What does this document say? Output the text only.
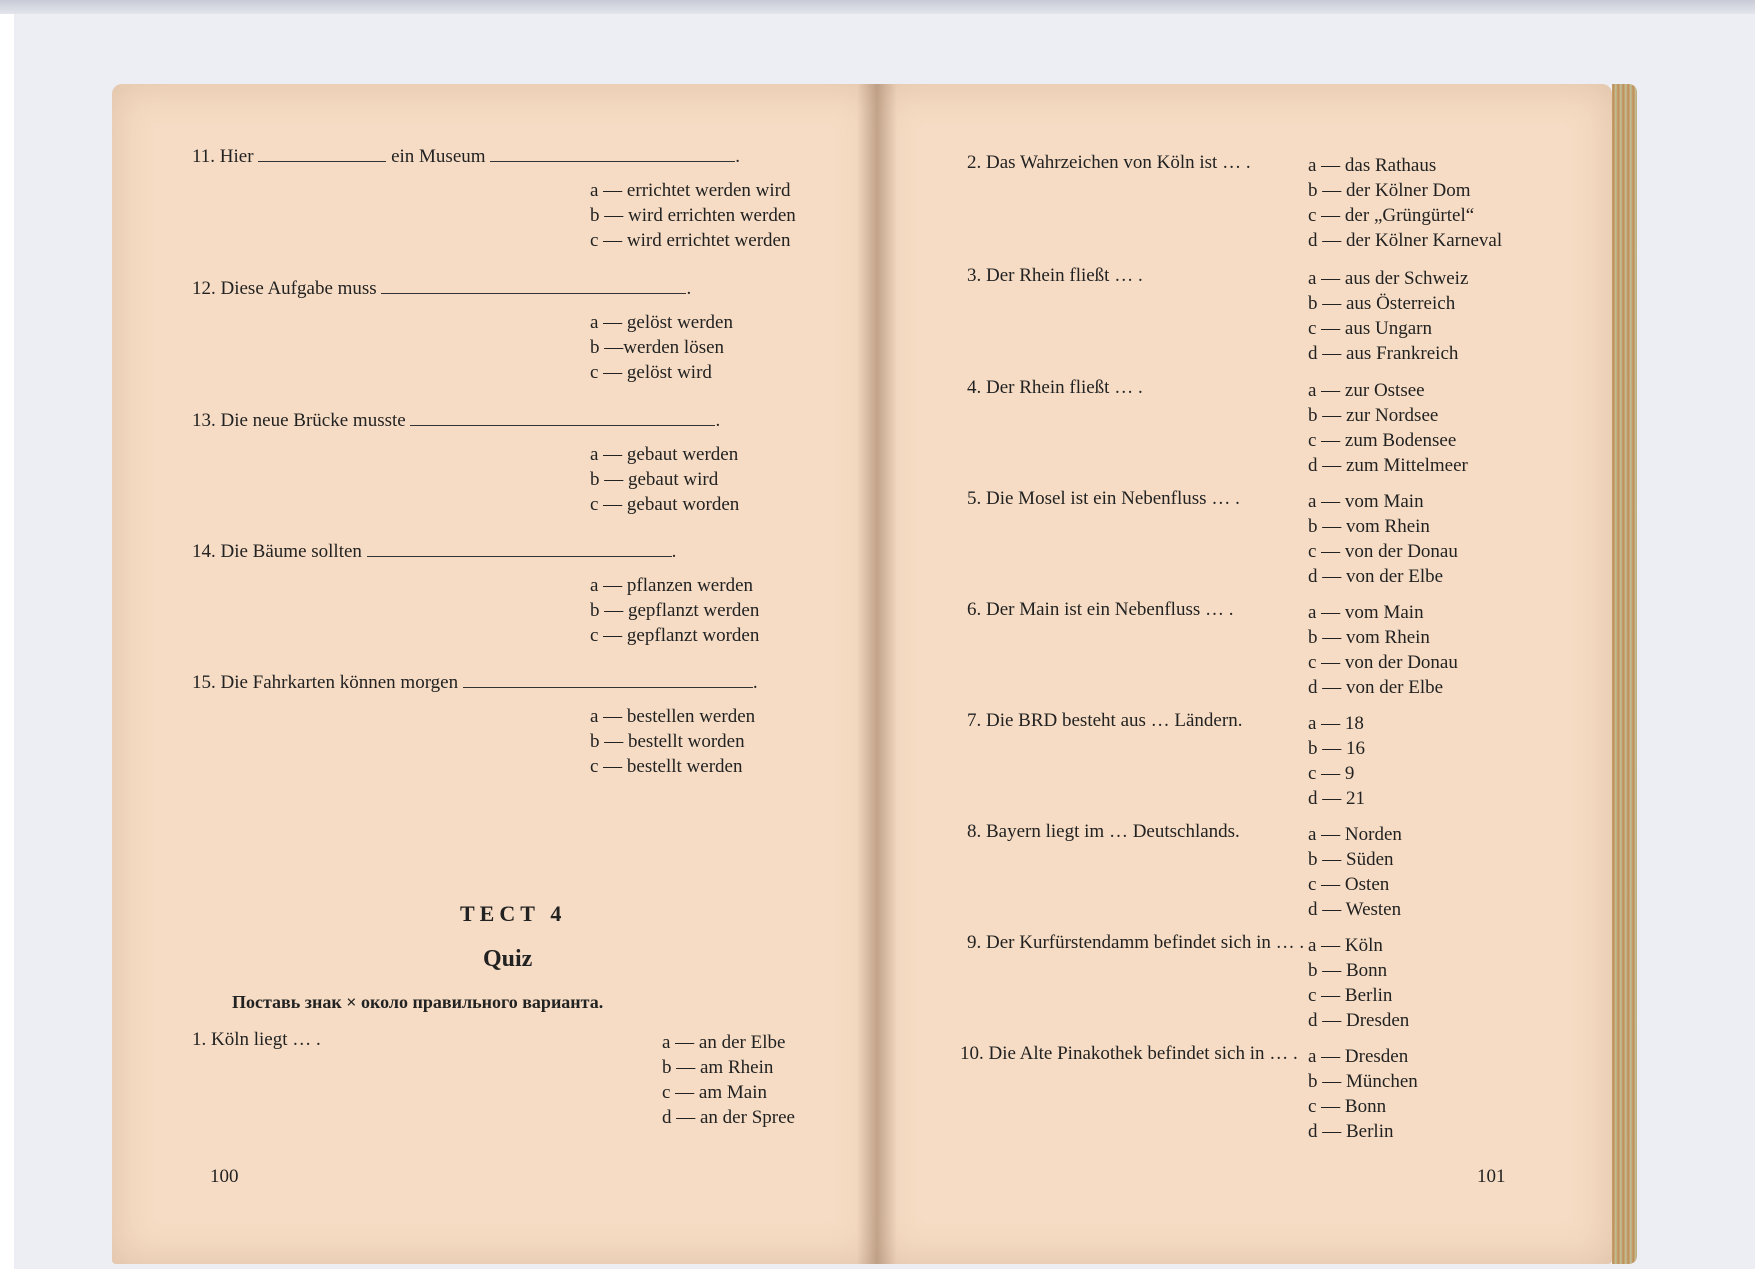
11. Hier	ein Museum	.
a — errichtet werden wird
b — wird errichten werden
c — wird errichtet werden
12. Diese Aufgabe muss	.
a — gelöst werden
b —werden lösen
c — gelöst wird
13. Die neue Brücke musste	.
a — gebaut werden
b — gebaut wird
c — gebaut worden
14. Die Bäume sollten	.
a — pflanzen werden
b — gepflanzt werden
c — gepflanzt worden
15. Die Fahrkarten können morgen	.
a — bestellen werden
b — bestellt worden
c — bestellt werden
ТЕСТ 4
Quiz
Поставь знак × около правильного варианта.
1. Köln liegt … .	a — an der Elbe
b — am Rhein
c — am Main
d — an der Spree
100
2. Das Wahrzeichen von Köln ist … .	a — das Rathaus
b — der Kölner Dom
c — der „Grüngürtel“
d — der Kölner Karneval
3. Der Rhein fließt … .	a — aus der Schweiz
b — aus Österreich
c — aus Ungarn
d — aus Frankreich
4. Der Rhein fließt … .	a — zur Ostsee
b — zur Nordsee
c — zum Bodensee
d — zum Mittelmeer
5. Die Mosel ist ein Nebenfluss … .	a — vom Main
b — vom Rhein
c — von der Donau
d — von der Elbe
6. Der Main ist ein Nebenfluss … .	a — vom Main
b — vom Rhein
c — von der Donau
d — von der Elbe
7. Die BRD besteht aus … Ländern.	a — 18
b — 16
c — 9
d — 21
8. Bayern liegt im … Deutschlands.	a — Norden
b — Süden
c — Osten
d — Westen
9. Der Kurfürstendamm befindet sich in … . a — Köln
b — Bonn
c — Berlin
d — Dresden
10. Die Alte Pinakothek befindet sich in … . a — Dresden
b — München
c — Bonn
d — Berlin
101
